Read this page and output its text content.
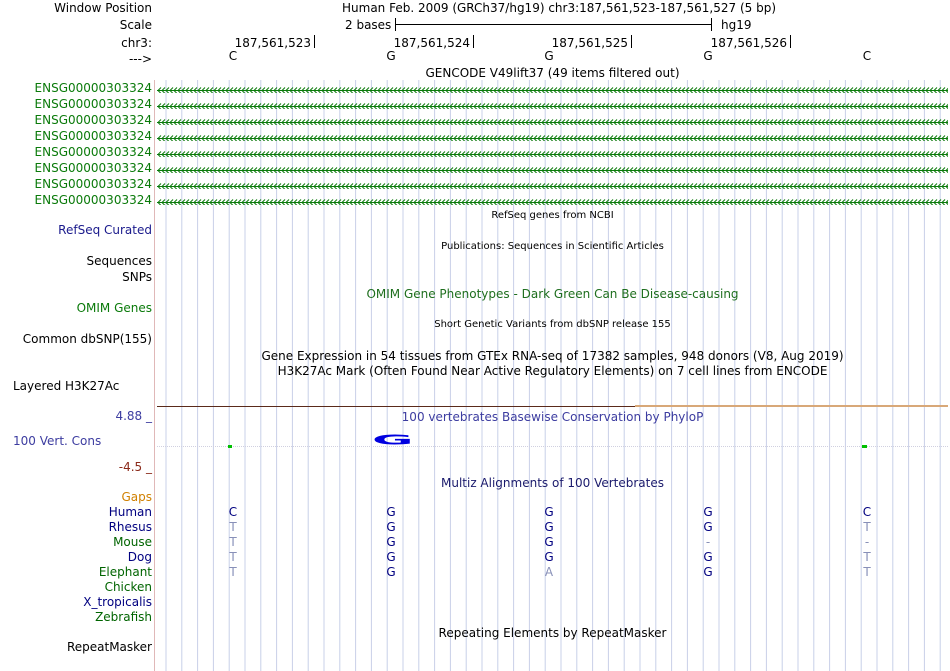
Window Position	Human Feb. 2009 (GRCh37/hg19) chr3:187,561,523-187,561,527 (5 bp)
Scale	2 bases	hg19
chr3:	187,561,523	187,561,524	187,561,525	187,561,526
--->	C	G	G	G	C
GENCODE V49lift37 (49 items filtered out)
ENSG00000303324
ENSG00000303324
ENSG00000303324
ENSG00000303324
ENSG00000303324
ENSG00000303324
ENSG00000303324
ENSG00000303324
RefSeq genes from NCBI
RefSeq Curated
Publications: Sequences in Scientific Articles
Sequences
SNPs
OMIM Gene Phenotypes - Dark Green Can Be Disease-causing
OMIM Genes
Short Genetic Variants from dbSNP release 155
Common dbSNP(155)
Gene Expression in 54 tissues from GTEx RNA-seq of 17382 samples, 948 donors (V8, Aug 2019)
H3K27Ac Mark (Often Found Near Active Regulatory Elements) on 7 cell lines from ENCODE
Layered H3K27Ac
4.88 _	100 vertebrates Basewise Conservation by PhyloP
100 Vert. Cons	G
-4.5 _
Multiz Alignments of 100 Vertebrates
Gaps
Human	C	G	G	G	C
Rhesus	T	G	G	G	T
Mouse	T	G	G	-	-
Dog	T	G	G	G	T
Elephant	T	G	A	G	T
Chicken
X_tropicalis
Zebrafish
Repeating Elements by RepeatMasker
RepeatMasker
